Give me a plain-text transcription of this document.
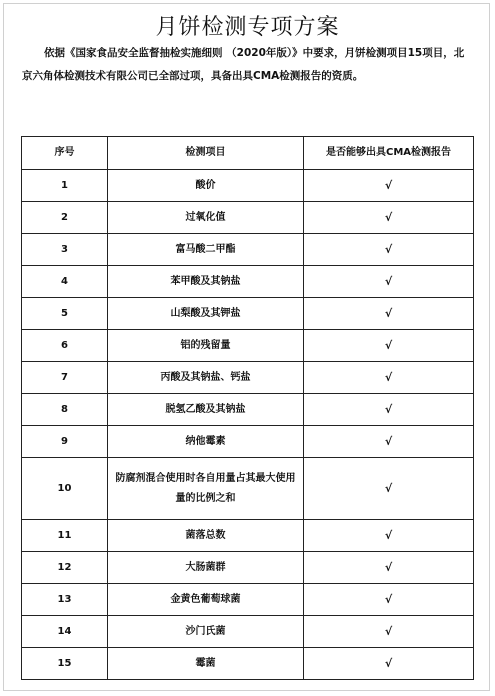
月饼检测专项方案
依据《国家食品安全监督抽检实施细则 （2020年版）》中要求，月饼检测项目15项目，北京六角体检测技术有限公司已全部过项，具备出具CMA检测报告的资质。
序号	检测项目	是否能够出具CMA检测报告
1	酸价	√
2	过氧化值	√
3	富马酸二甲酯	√
4	苯甲酸及其钠盐	√
5	山梨酸及其钾盐	√
6	铝的残留量	√
7	丙酸及其钠盐、钙盐	√
8	脱氢乙酸及其钠盐	√
9	纳他霉素	√
10	防腐剂混合使用时各自用量占其最大使用量的比例之和	√
11	菌落总数	√
12	大肠菌群	√
13	金黄色葡萄球菌	√
14	沙门氏菌	√
15	霉菌	√
